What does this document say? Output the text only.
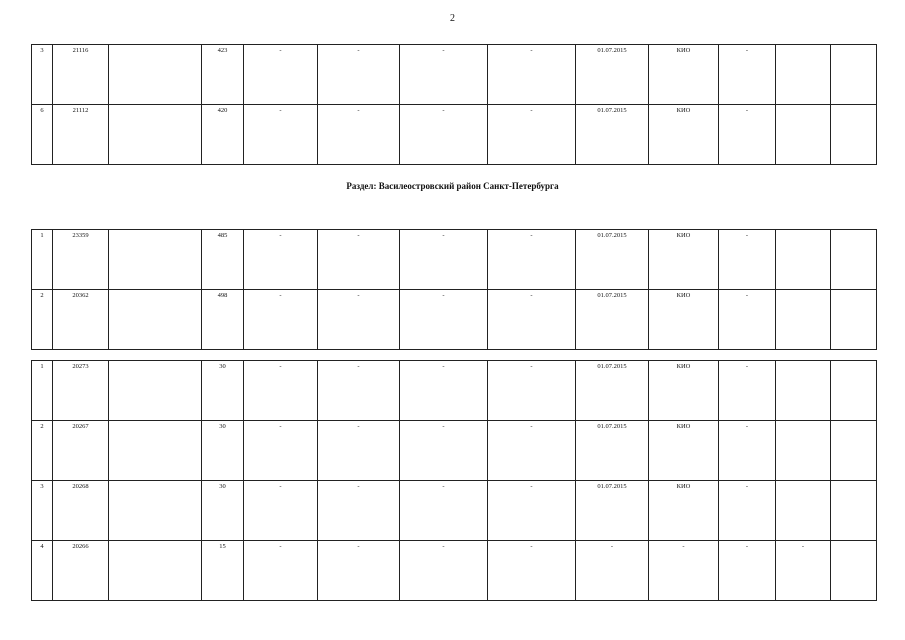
2
3	21116		423	-	-	-	-	01.07.2015	КИО	-		
6	21112		420	-	-	-	-	01.07.2015	КИО	-		
Раздел: Василеостровский район Санкт-Петербурга
1	23359		485	-	-	-	-	01.07.2015	КИО	-		
2	20362		498	-	-	-	-	01.07.2015	КИО	-		
1	20273		30	-	-	-	-	01.07.2015	КИО	-		
2	20267		30	-	-	-	-	01.07.2015	КИО	-		
3	20268		30	-	-	-	-	01.07.2015	КИО	-		
4	20266		15	-	-	-	-	-	-	-	-	
